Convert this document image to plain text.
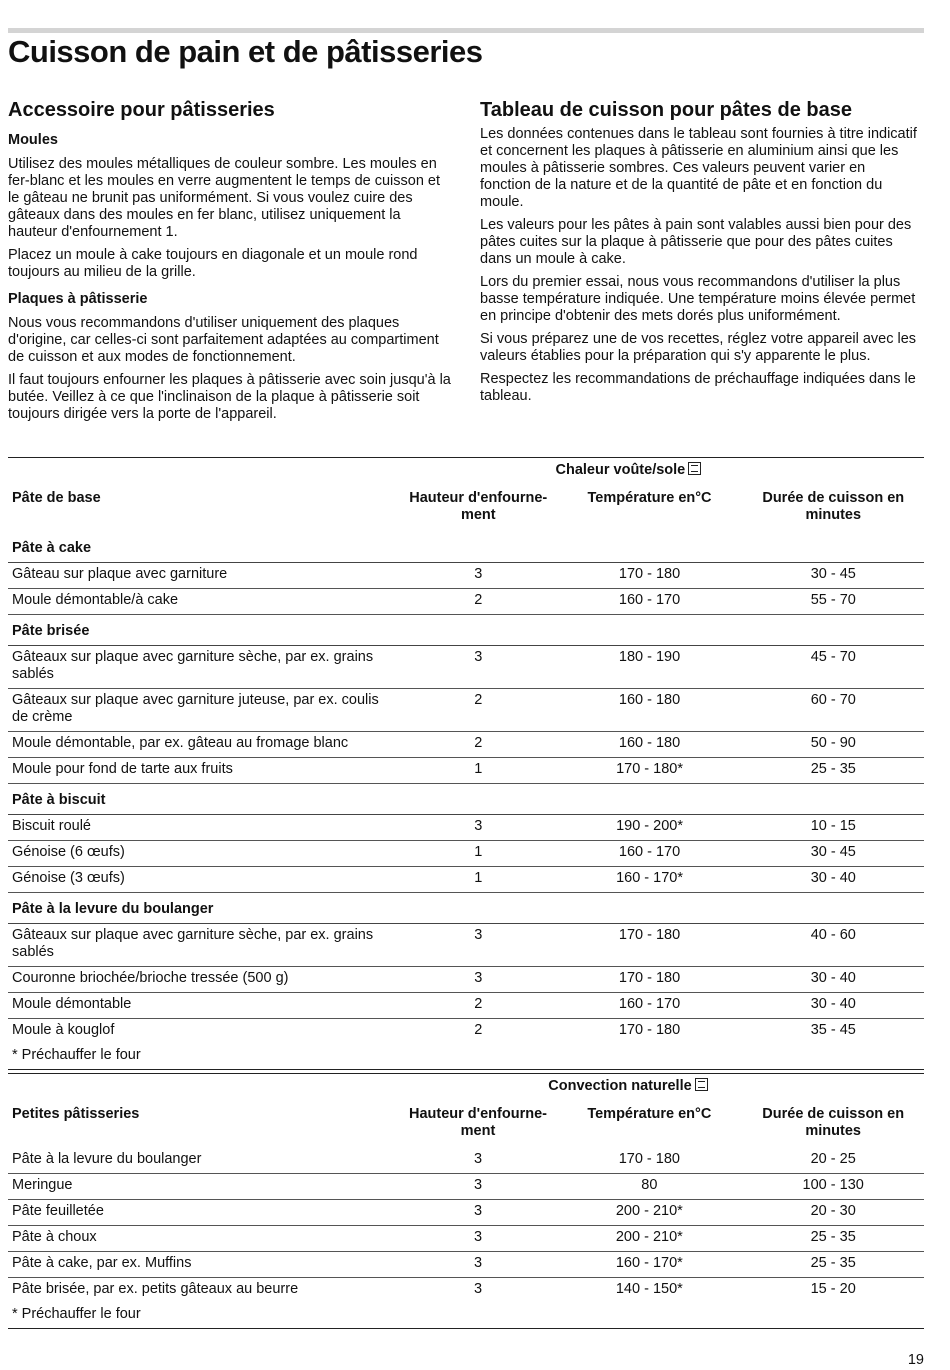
Cuisson de pain et de pâtisseries
Accessoire pour pâtisseries
Moules

Utilisez des moules métalliques de couleur sombre. Les moules en fer-blanc et les moules en verre augmentent le temps de cuisson et le gâteau ne brunit pas uniformément. Si vous voulez cuire des gâteaux dans des moules en fer blanc, utilisez uniquement la hauteur d'enfournement 1.

Placez un moule à cake toujours en diagonale et un moule rond toujours au milieu de la grille.

Plaques à pâtisserie

Nous vous recommandons d'utiliser uniquement des plaques d'origine, car celles-ci sont parfaitement adaptées au compartiment de cuisson et aux modes de fonctionnement.

Il faut toujours enfourner les plaques à pâtisserie avec soin jusqu'à la butée. Veillez à ce que l'inclinaison de la plaque à pâtisserie soit toujours dirigée vers la porte de l'appareil.

Tableau de cuisson pour pâtes de base

Les données contenues dans le tableau sont fournies à titre indicatif et concernent les plaques à pâtisserie en aluminium ainsi que les moules à pâtisserie sombres. Ces valeurs peuvent varier en fonction de la nature et de la quantité de pâte et en fonction du moule.

Les valeurs pour les pâtes à pain sont valables aussi bien pour des pâtes cuites sur la plaque à pâtisserie que pour des pâtes cuites dans un moule à cake.

Lors du premier essai, nous vous recommandons d'utiliser la plus basse température indiquée. Une température moins élevée permet en principe d'obtenir des mets dorés plus uniformément.

Si vous préparez une de vos recettes, réglez votre appareil avec les valeurs établies pour la préparation qui s'y apparente le plus.

Respectez les recommandations de préchauffage indiquées dans le tableau.

		Chaleur voûte/sole	
Pâte de base	Hauteur d'enfourne-ment	Température en°C	Durée de cuisson en minutes
Pâte à cake			
Gâteau sur plaque avec garniture	3	170 - 180	30 - 45
Moule démontable/à cake	2	160 - 170	55 - 70
Pâte brisée			
Gâteaux sur plaque avec garniture sèche, par ex. grains sablés	3	180 - 190	45 - 70
Gâteaux sur plaque avec garniture juteuse, par ex. coulis de crème	2	160 - 180	60 - 70
Moule démontable, par ex. gâteau au fromage blanc	2	160 - 180	50 - 90
Moule pour fond de tarte aux fruits	1	170 - 180*	25 - 35
Pâte à biscuit			
Biscuit roulé	3	190 - 200*	10 - 15
Génoise (6 œufs)	1	160 - 170	30 - 45
Génoise (3 œufs)	1	160 - 170*	30 - 40
Pâte à la levure du boulanger			
Gâteaux sur plaque avec garniture sèche, par ex. grains sablés	3	170 - 180	40 - 60
Couronne briochée/brioche tressée (500 g)	3	170 - 180	30 - 40
Moule démontable	2	160 - 170	30 - 40
Moule à kouglof	2	170 - 180	35 - 45
* Préchauffer le four			
		Convection naturelle	
Petites pâtisseries	Hauteur d'enfourne-ment	Température en°C	Durée de cuisson en minutes
Pâte à la levure du boulanger	3	170 - 180	20 - 25
Meringue	3	80	100 - 130
Pâte feuilletée	3	200 - 210*	20 - 30
Pâte à choux	3	200 - 210*	25 - 35
Pâte à cake, par ex. Muffins	3	160 - 170*	25 - 35
Pâte brisée, par ex. petits gâteaux au beurre	3	140 - 150*	15 - 20
* Préchauffer le four			
19
